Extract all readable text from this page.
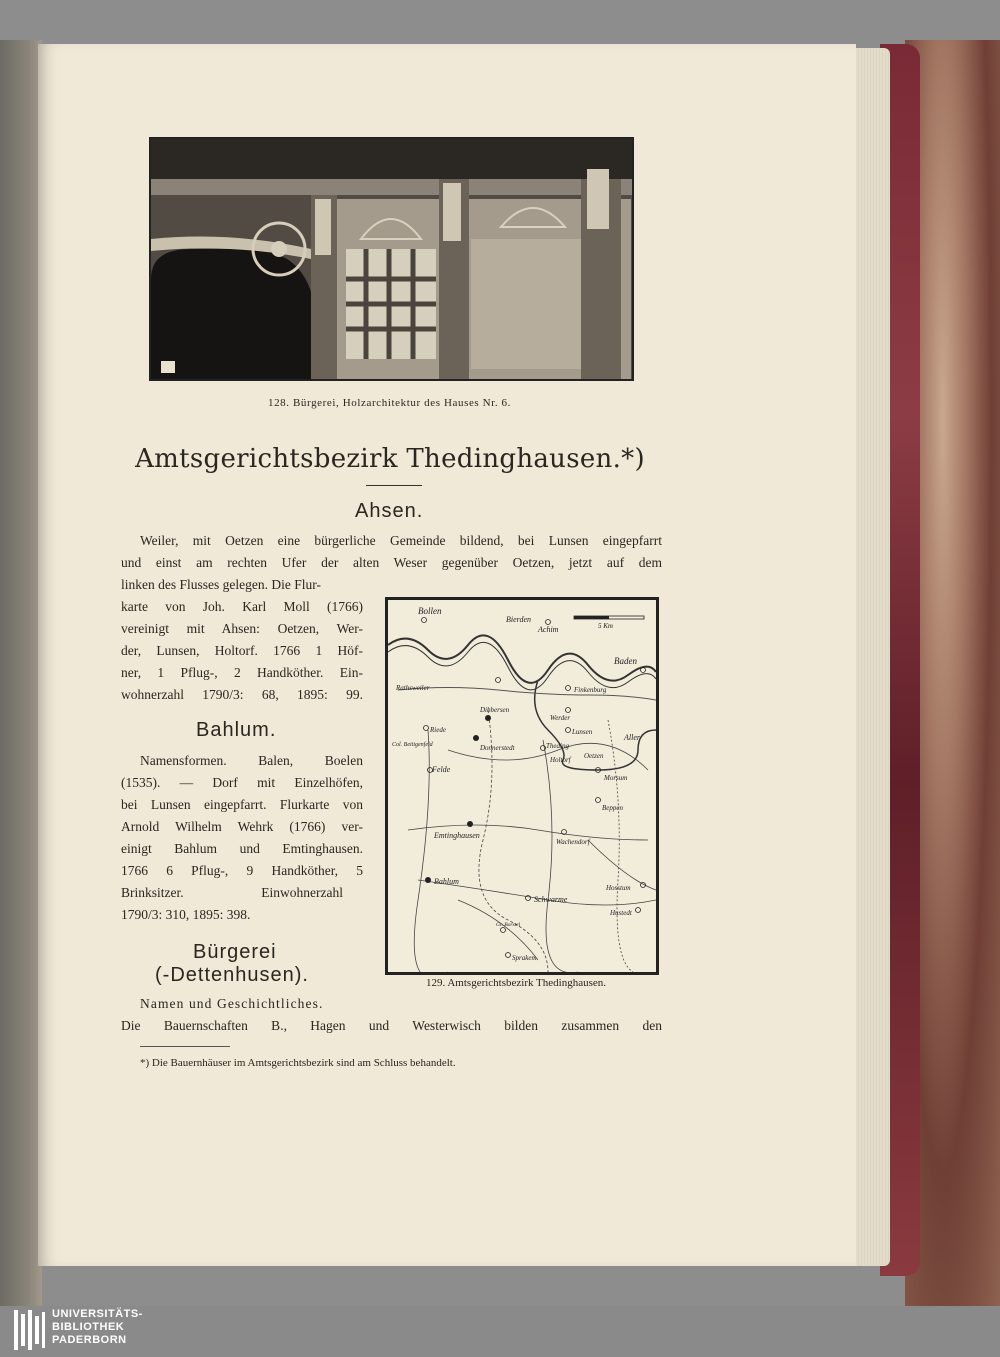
128. Bürgerei, Holzarchitektur des Hauses Nr. 6.
Amtsgerichtsbezirk Thedinghausen.*)
Ahsen.
Weiler, mit Oetzen eine bürgerliche Gemeinde bildend, bei Lunsen eingepfarrt
und einst am rechten Ufer der alten Weser gegenüber Oetzen, jetzt auf dem
linken des Flusses gelegen. Die Flur-
karte von Joh. Karl Moll (1766)
vereinigt mit Ahsen: Oetzen, Wer-
der, Lunsen, Holtorf. 1766 1 Höf-
ner, 1 Pflug-, 2 Handköther. Ein-
wohnerzahl 1790/3: 68, 1895: 99.
Bahlum.
Namensformen. Balen, Boelen
(1535). — Dorf mit Einzelhöfen,
bei Lunsen eingepfarrt. Flurkarte von
Arnold Wilhelm Wehrk (1766) ver-
einigt Bahlum und Emtinghausen.
1766 6 Pflug-, 9 Handköther, 5
Brinksitzer. Einwohnerzahl
1790/3: 310, 1895: 398.
Bürgerei
(-Dettenhusen).
Namen und Geschichtliches.
Die Bauernschaften B., Hagen und Westerwisch bilden zusammen den
5 Km
Bollen
Bierden
Achim
Baden
Rathsweiler	Finkenburg
Dibbersen
Werder
Riede	Lunsen
Col. Beitigenfeld	Donnerstedt	Theding
Holtorf Oetzen
Felde
Morsum
Beppen
Emtinghausen
Wachendorf
Bahlum
Schwarme
Hosstum
Hustedt
Gr. Borstel
Sprakem
Aller
129. Amtsgerichtsbezirk Thedinghausen.
*) Die Bauernhäuser im Amtsgerichtsbezirk sind am Schluss behandelt.
UNIVERSITÄTS-
BIBLIOTHEK
PADERBORN
